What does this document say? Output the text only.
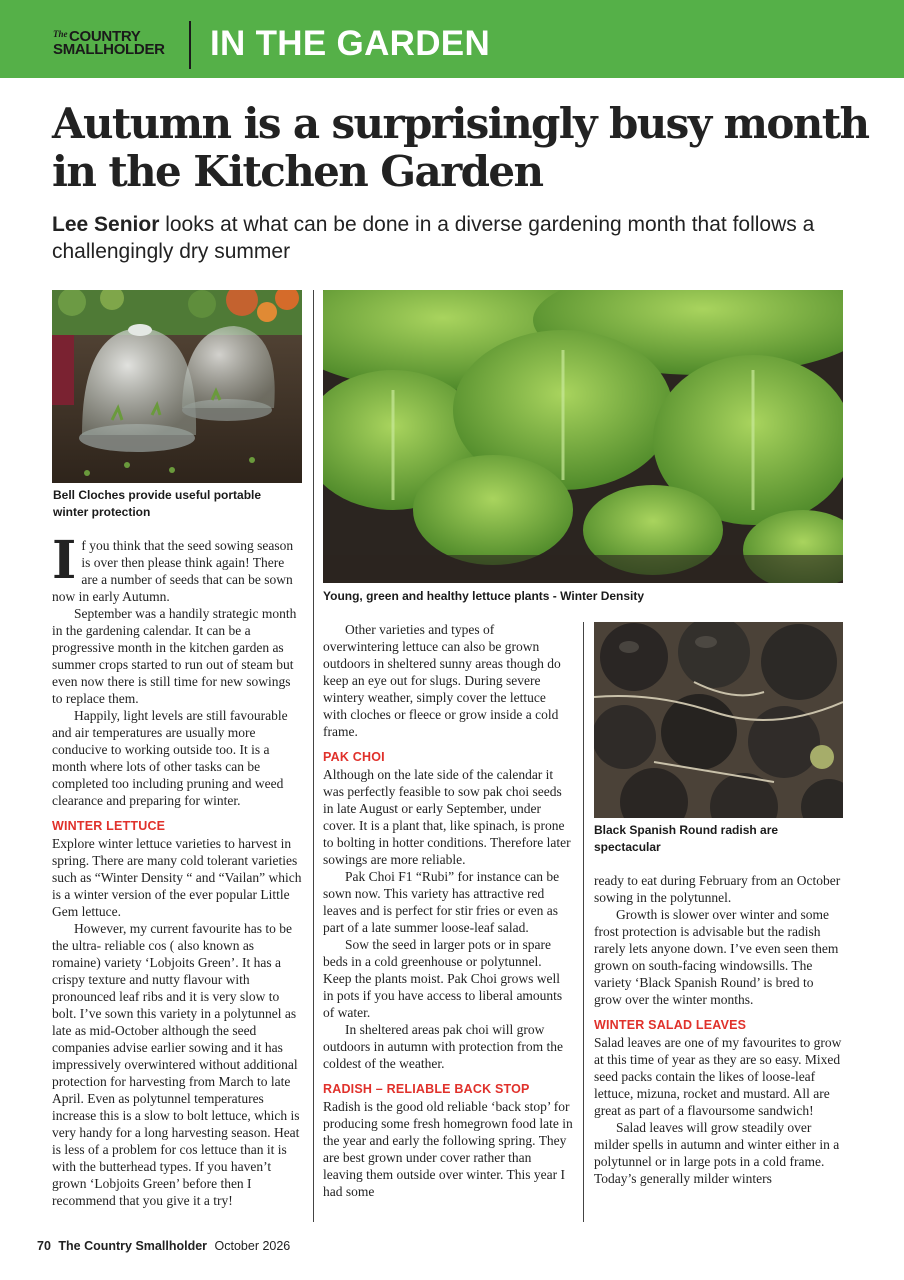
The COUNTRY
SMALLHOLDER IN THE GARDEN
Autumn is a surprisingly busy month in the Kitchen Garden

Lee Senior looks at what can be done in a diverse gardening month that follows a challengingly dry summer

Bell Cloches provide useful portable winter protection
Young, green and healthy lettuce plants - Winter Density
Black Spanish Round radish are spectacular

If you think that the seed sowing season is over then please think again! There are a number of seeds that can be sown now in early Autumn.

September was a handily strategic month in the gardening calendar. It can be a progressive month in the kitchen garden as summer crops started to run out of steam but even now there is still time for new sowings to replace them.

Happily, light levels are still favourable and air temperatures are usually more conducive to working outside too. It is a month where lots of other tasks can be completed too including pruning and weed clearance and preparing for winter.

WINTER LETTUCE

Explore winter lettuce varieties to harvest in spring. There are many cold tolerant varieties such as “Winter Density “ and “Vailan” which is a winter version of the ever popular Little Gem lettuce.

However, my current favourite has to be the ultra- reliable cos ( also known as romaine) variety ‘Lobjoits Green’. It has a crispy texture and nutty flavour with pronounced leaf ribs and it is very slow to bolt. I’ve sown this variety in a polytunnel as late as mid-October although the seed companies advise earlier sowing and it has impressively overwintered without additional protection for harvesting from March to late April. Even as polytunnel temperatures increase this is a slow to bolt lettuce, which is very handy for a long harvesting season. Heat is less of a problem for cos lettuce than it is with the butterhead types. If you haven’t grown ‘Lobjoits Green’ before then I recommend that you give it a try!

Other varieties and types of overwintering lettuce can also be grown outdoors in sheltered sunny areas though do keep an eye out for slugs. During severe wintery weather, simply cover the lettuce with cloches or fleece or grow inside a cold frame.

PAK CHOI

Although on the late side of the calendar it was perfectly feasible to sow pak choi seeds in late August or early September, under cover. It is a plant that, like spinach, is prone to bolting in hotter conditions. Therefore later sowings are more reliable.

Pak Choi F1 “Rubi” for instance can be sown now. This variety has attractive red leaves and is perfect for stir fries or even as part of a late summer loose-leaf salad.

Sow the seed in larger pots or in spare beds in a cold greenhouse or polytunnel. Keep the plants moist. Pak Choi grows well in pots if you have access to liberal amounts of water.

In sheltered areas pak choi will grow outdoors in autumn with protection from the coldest of the weather.

RADISH – RELIABLE BACK STOP

Radish is the good old reliable ‘back stop’ for producing some fresh homegrown food late in the year and early the following spring. They are best grown under cover rather than leaving them outside over winter. This year I had some

ready to eat during February from an October sowing in the polytunnel.

Growth is slower over winter and some frost protection is advisable but the radish rarely lets anyone down. I’ve even seen them grown on south-facing windowsills. The variety ‘Black Spanish Round’ is bred to grow over the winter months.

WINTER SALAD LEAVES

Salad leaves are one of my favourites to grow at this time of year as they are so easy. Mixed seed packs contain the likes of loose-leaf lettuce, mizuna, rocket and mustard. All are great as part of a flavoursome sandwich!

Salad leaves will grow steadily over milder spells in autumn and winter either in a polytunnel or in large pots in a cold frame. Today’s generally milder winters

70 The Country Smallholder October 2026
